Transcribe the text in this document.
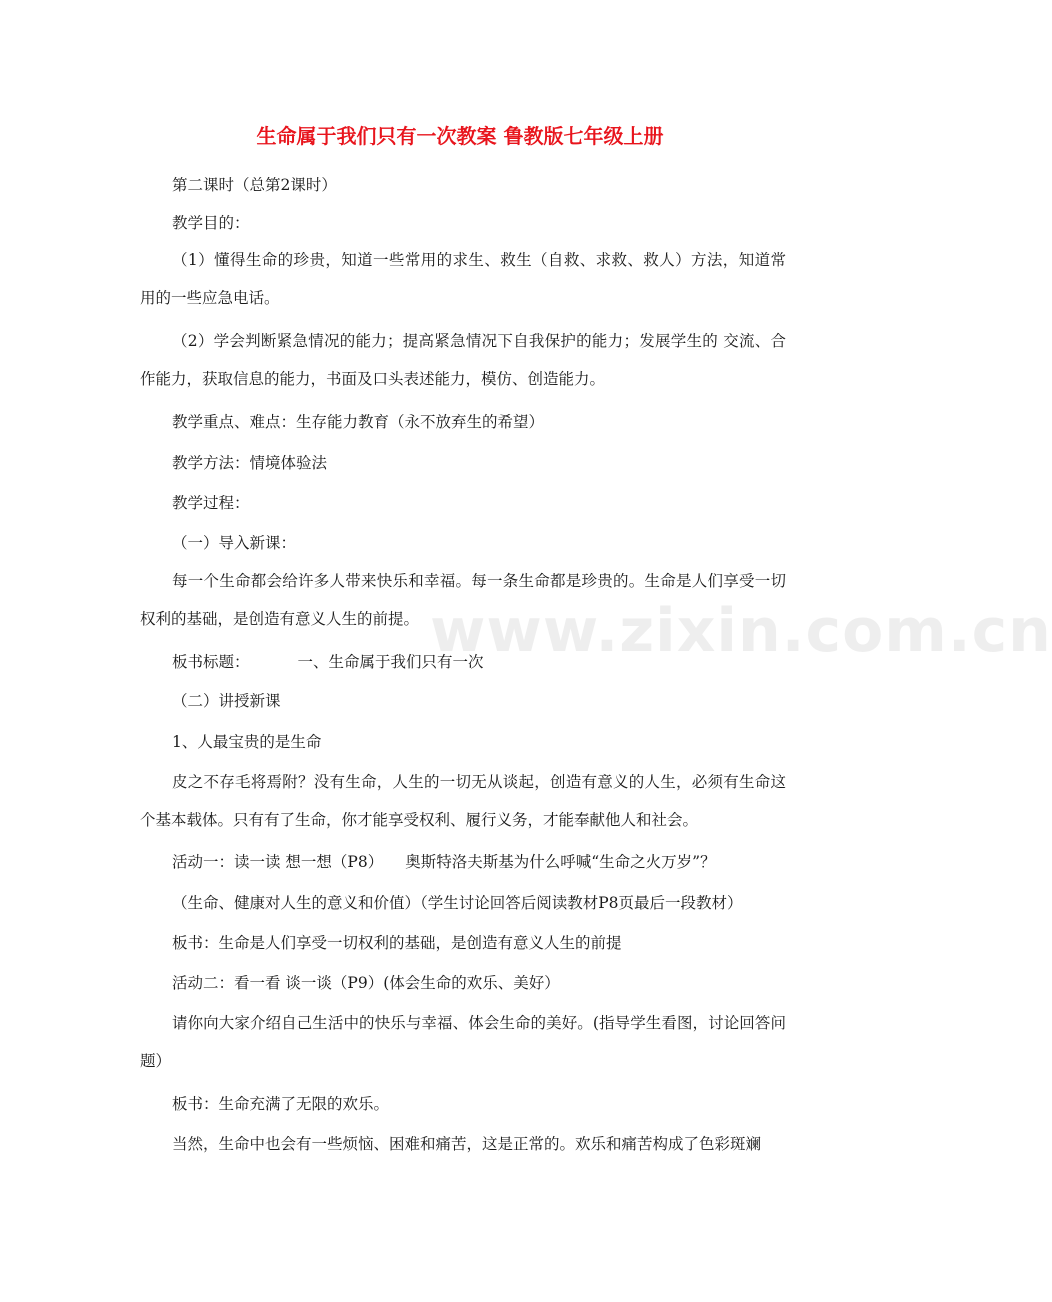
www.zixin.com.cn
生命属于我们只有一次教案 鲁教版七年级上册
第二课时（总第2课时）
教学目的：
（1）懂得生命的珍贵，知道一些常用的求生、救生（自救、求救、救人）方法，知道常用的一些应急电话。
（2）学会判断紧急情况的能力；提高紧急情况下自我保护的能力；发展学生的 交流、合作能力，获取信息的能力，书面及口头表述能力，模仿、创造能力。
教学重点、难点：生存能力教育（永不放弃生的希望）
教学方法：情境体验法
教学过程：
（一）导入新课：
每一个生命都会给许多人带来快乐和幸福。每一条生命都是珍贵的。生命是人们享受一切权利的基础，是创造有意义人生的前提。
板书标题：	一、生命属于我们只有一次
（二）讲授新课
1、人最宝贵的是生命
皮之不存毛将焉附？没有生命，人生的一切无从谈起，创造有意义的人生，必须有生命这个基本载体。只有有了生命，你才能享受权利、履行义务，才能奉献他人和社会。
活动一：读一读 想一想（P8） 奥斯特洛夫斯基为什么呼喊“生命之火万岁”？
（生命、健康对人生的意义和价值）（学生讨论回答后阅读教材P8页最后一段教材）
板书：生命是人们享受一切权利的基础，是创造有意义人生的前提
活动二：看一看 谈一谈（P9）(体会生命的欢乐、美好）
请你向大家介绍自己生活中的快乐与幸福、体会生命的美好。(指导学生看图，讨论回答问题）
板书：生命充满了无限的欢乐。
当然，生命中也会有一些烦恼、困难和痛苦，这是正常的。欢乐和痛苦构成了色彩斑斓
